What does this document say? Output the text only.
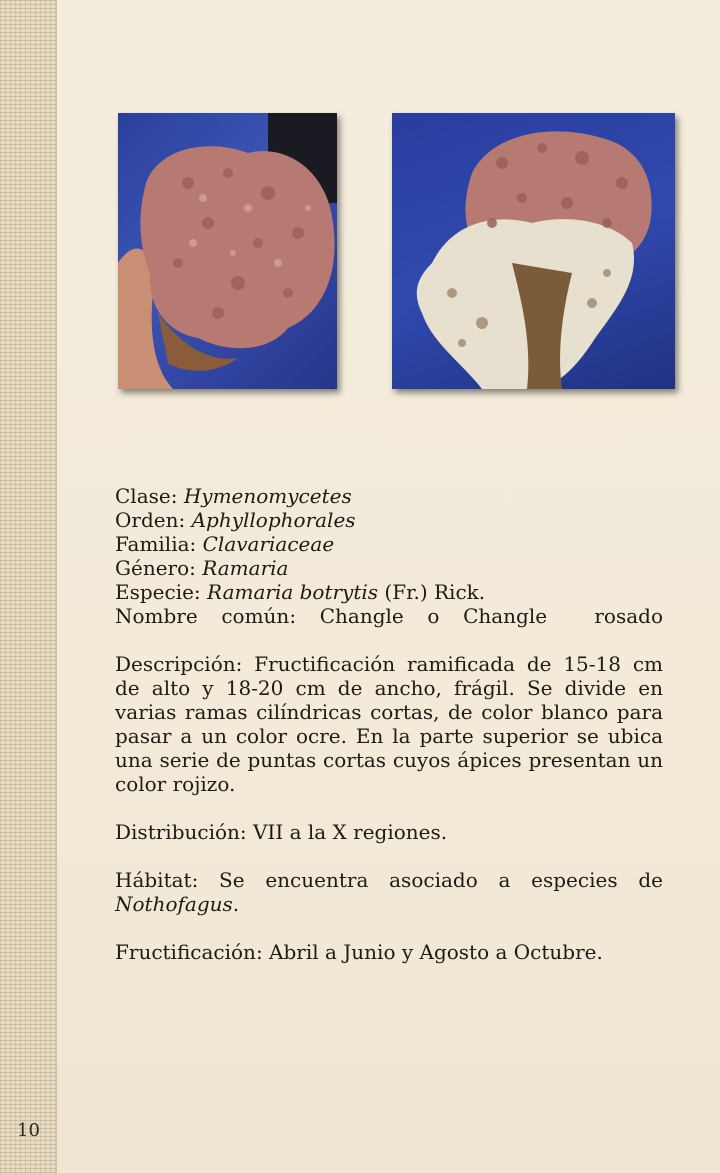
Clase: Hymenomycetes

Orden: Aphyllophorales

Familia: Clavariaceae

Género: Ramaria

Especie: Ramaria botrytis (Fr.) Rick.

Nombre común: Changle o Changle  rosado

Descripción: Fructificación ramificada de 15-18 cm de alto y 18-20 cm de ancho, frágil. Se divide en varias ramas cilíndricas cortas, de color blanco para pasar a un color ocre. En la parte superior se ubica una serie de puntas cortas cuyos ápices presentan un color rojizo.

Distribución: VII a la X regiones.

Hábitat: Se encuentra asociado a especies de Nothofagus.

Fructificación: Abril a Junio y Agosto a Octubre.

10
